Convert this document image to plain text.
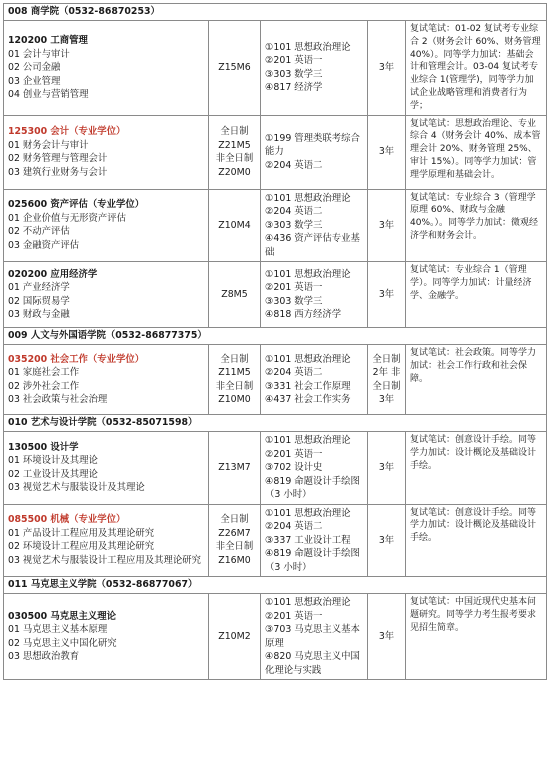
008 商学院（0532-86870253）				

120200 工商管理
01 会计与审计
02 公司金融
03 企业管理
04 创业与营销管理	Z15M6	①101 思想政治理论
②201 英语一
③303 数学三
④817 经济学	3年	复试笔试：01-02 复试考专业综合 2（财务会计 60%、财务管理 40%）。同等学力加试：基础会计和管理会计。03-04 复试考专业综合 1(管理学)，同等学力加试企业战略管理和消费者行为学；

125300 会计（专业学位）
01 财务会计与审计
02 财务管理与管理会计
03 建筑行业财务与会计	全日制
Z21M5
非全日制
Z20M0	①199 管理类联考综合能力
②204 英语二	3年	复试笔试：思想政治理论、专业综合 4（财务会计 40%、成本管理会计 20%、财务管理 25%、审计 15%）。同等学力加试：管理学原理和基础会计。

025600 资产评估（专业学位）
01 企业价值与无形资产评估
02 不动产评估
03 金融资产评估	Z10M4	①101 思想政治理论
②204 英语二
③303 数学三
④436 资产评估专业基础	3年	复试笔试：专业综合 3（管理学原理 60%、财政与金融 40%。）。同等学力加试：微观经济学和财务会计。

020200 应用经济学
01 产业经济学
02 国际贸易学
03 财政与金融	Z8M5	①101 思想政治理论
②201 英语一
③303 数学三
④818 西方经济学	3年	复试笔试：专业综合 1（管理学）。同等学力加试：计量经济学、金融学。
009 人文与外国语学院（0532-86877375）				

035200 社会工作（专业学位）
01 家庭社会工作
02 涉外社会工作
03 社会政策与社会治理	全日制
Z11M5
非全日制
Z10M0	①101 思想政治理论
②204 英语二
③331 社会工作原理
④437 社会工作实务	全日制 2年 非全日制 3年	复试笔试：社会政策。同等学力加试：社会工作行政和社会保障。
010 艺术与设计学院（0532-85071598）				

130500 设计学
01 环境设计及其理论
02 工业设计及其理论
03 视觉艺术与服装设计及其理论	Z13M7	①101 思想政治理论
②201 英语一
③702 设计史
④819 命题设计手绘图 （3 小时）	3年	复试笔试：创意设计手绘。同等学力加试：设计概论及基础设计手绘。

085500 机械（专业学位）
01 产品设计工程应用及其理论研究
02 环境设计工程应用及其理论研究
03 视觉艺术与服装设计工程应用及其理论研究	全日制
Z26M7
非全日制
Z16M0	①101 思想政治理论
②204 英语二
③337 工业设计工程
④819 命题设计手绘图（3 小时）	3年	复试笔试：创意设计手绘。同等学力加试：设计概论及基础设计手绘。
011 马克思主义学院（0532-86877067）				

030500 马克思主义理论
01 马克思主义基本原理
02 马克思主义中国化研究
03 思想政治教育	Z10M2	①101 思想政治理论
②201 英语一
③703 马克思主义基本原理
④820 马克思主义中国化理论与实践	3年	复试笔试：中国近现代史基本问题研究。同等学力考生报考要求见招生简章。
